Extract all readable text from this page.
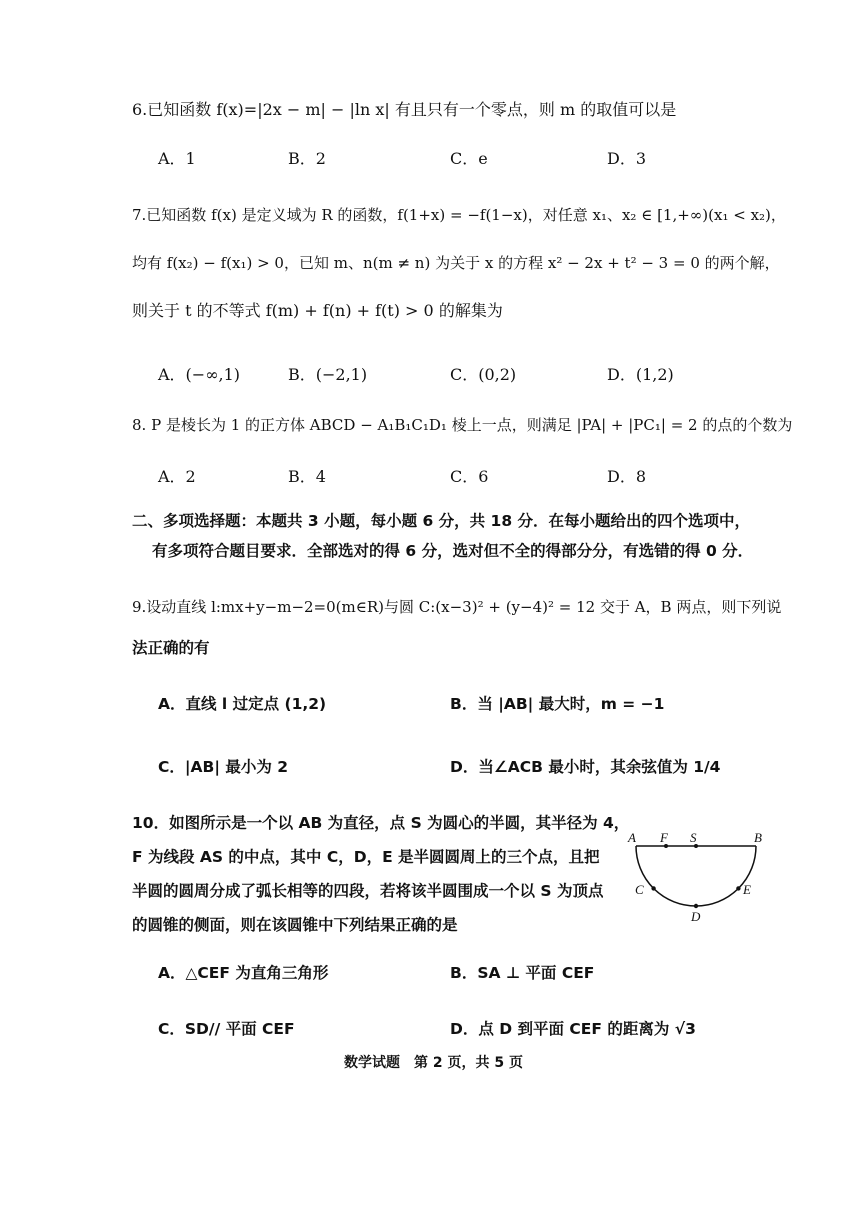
6.已知函数 f(x)=|2x − m| − |ln x| 有且只有一个零点，则 m 的取值可以是
A．1	B．2	C．e	D．3
7.已知函数 f(x) 是定义域为 R 的函数，f(1+x) = −f(1−x)，对任意 x₁、x₂ ∈ [1,+∞)(x₁ < x₂)，
均有 f(x₂) − f(x₁) > 0，已知 m、n(m ≠ n) 为关于 x 的方程 x² − 2x + t² − 3 = 0 的两个解，
则关于 t 的不等式 f(m) + f(n) + f(t) > 0 的解集为
A．(−∞,1)	B．(−2,1)	C．(0,2)	D．(1,2)
8. P 是棱长为 1 的正方体 ABCD − A₁B₁C₁D₁ 棱上一点，则满足 |PA| + |PC₁| = 2 的点的个数为
A．2	B．4	C．6	D．8
二、多项选择题：本题共 3 小题，每小题 6 分，共 18 分．在每小题给出的四个选项中，
有多项符合题目要求．全部选对的得 6 分，选对但不全的得部分分，有选错的得 0 分．
9.设动直线 l:mx+y−m−2=0(m∈R)与圆 C:(x−3)² + (y−4)² = 12 交于 A，B 两点，则下列说
法正确的有
A．直线 l 过定点 (1,2)	B．当 |AB| 最大时，m = −1
C．|AB| 最小为 2	D．当∠ACB 最小时，其余弦值为 1/4
10．如图所示是一个以 AB 为直径，点 S 为圆心的半圆，其半径为 4，
F 为线段 AS 的中点，其中 C，D，E 是半圆圆周上的三个点，且把
半圆的圆周分成了弧长相等的四段，若将该半圆围成一个以 S 为顶点
的圆锥的侧面，则在该圆锥中下列结果正确的是
A F S	B
C
D
E
A．△CEF 为直角三角形	B．SA ⊥ 平面 CEF
C．SD// 平面 CEF	D．点 D 到平面 CEF 的距离为 √3
数学试题　第 2 页，共 5 页
